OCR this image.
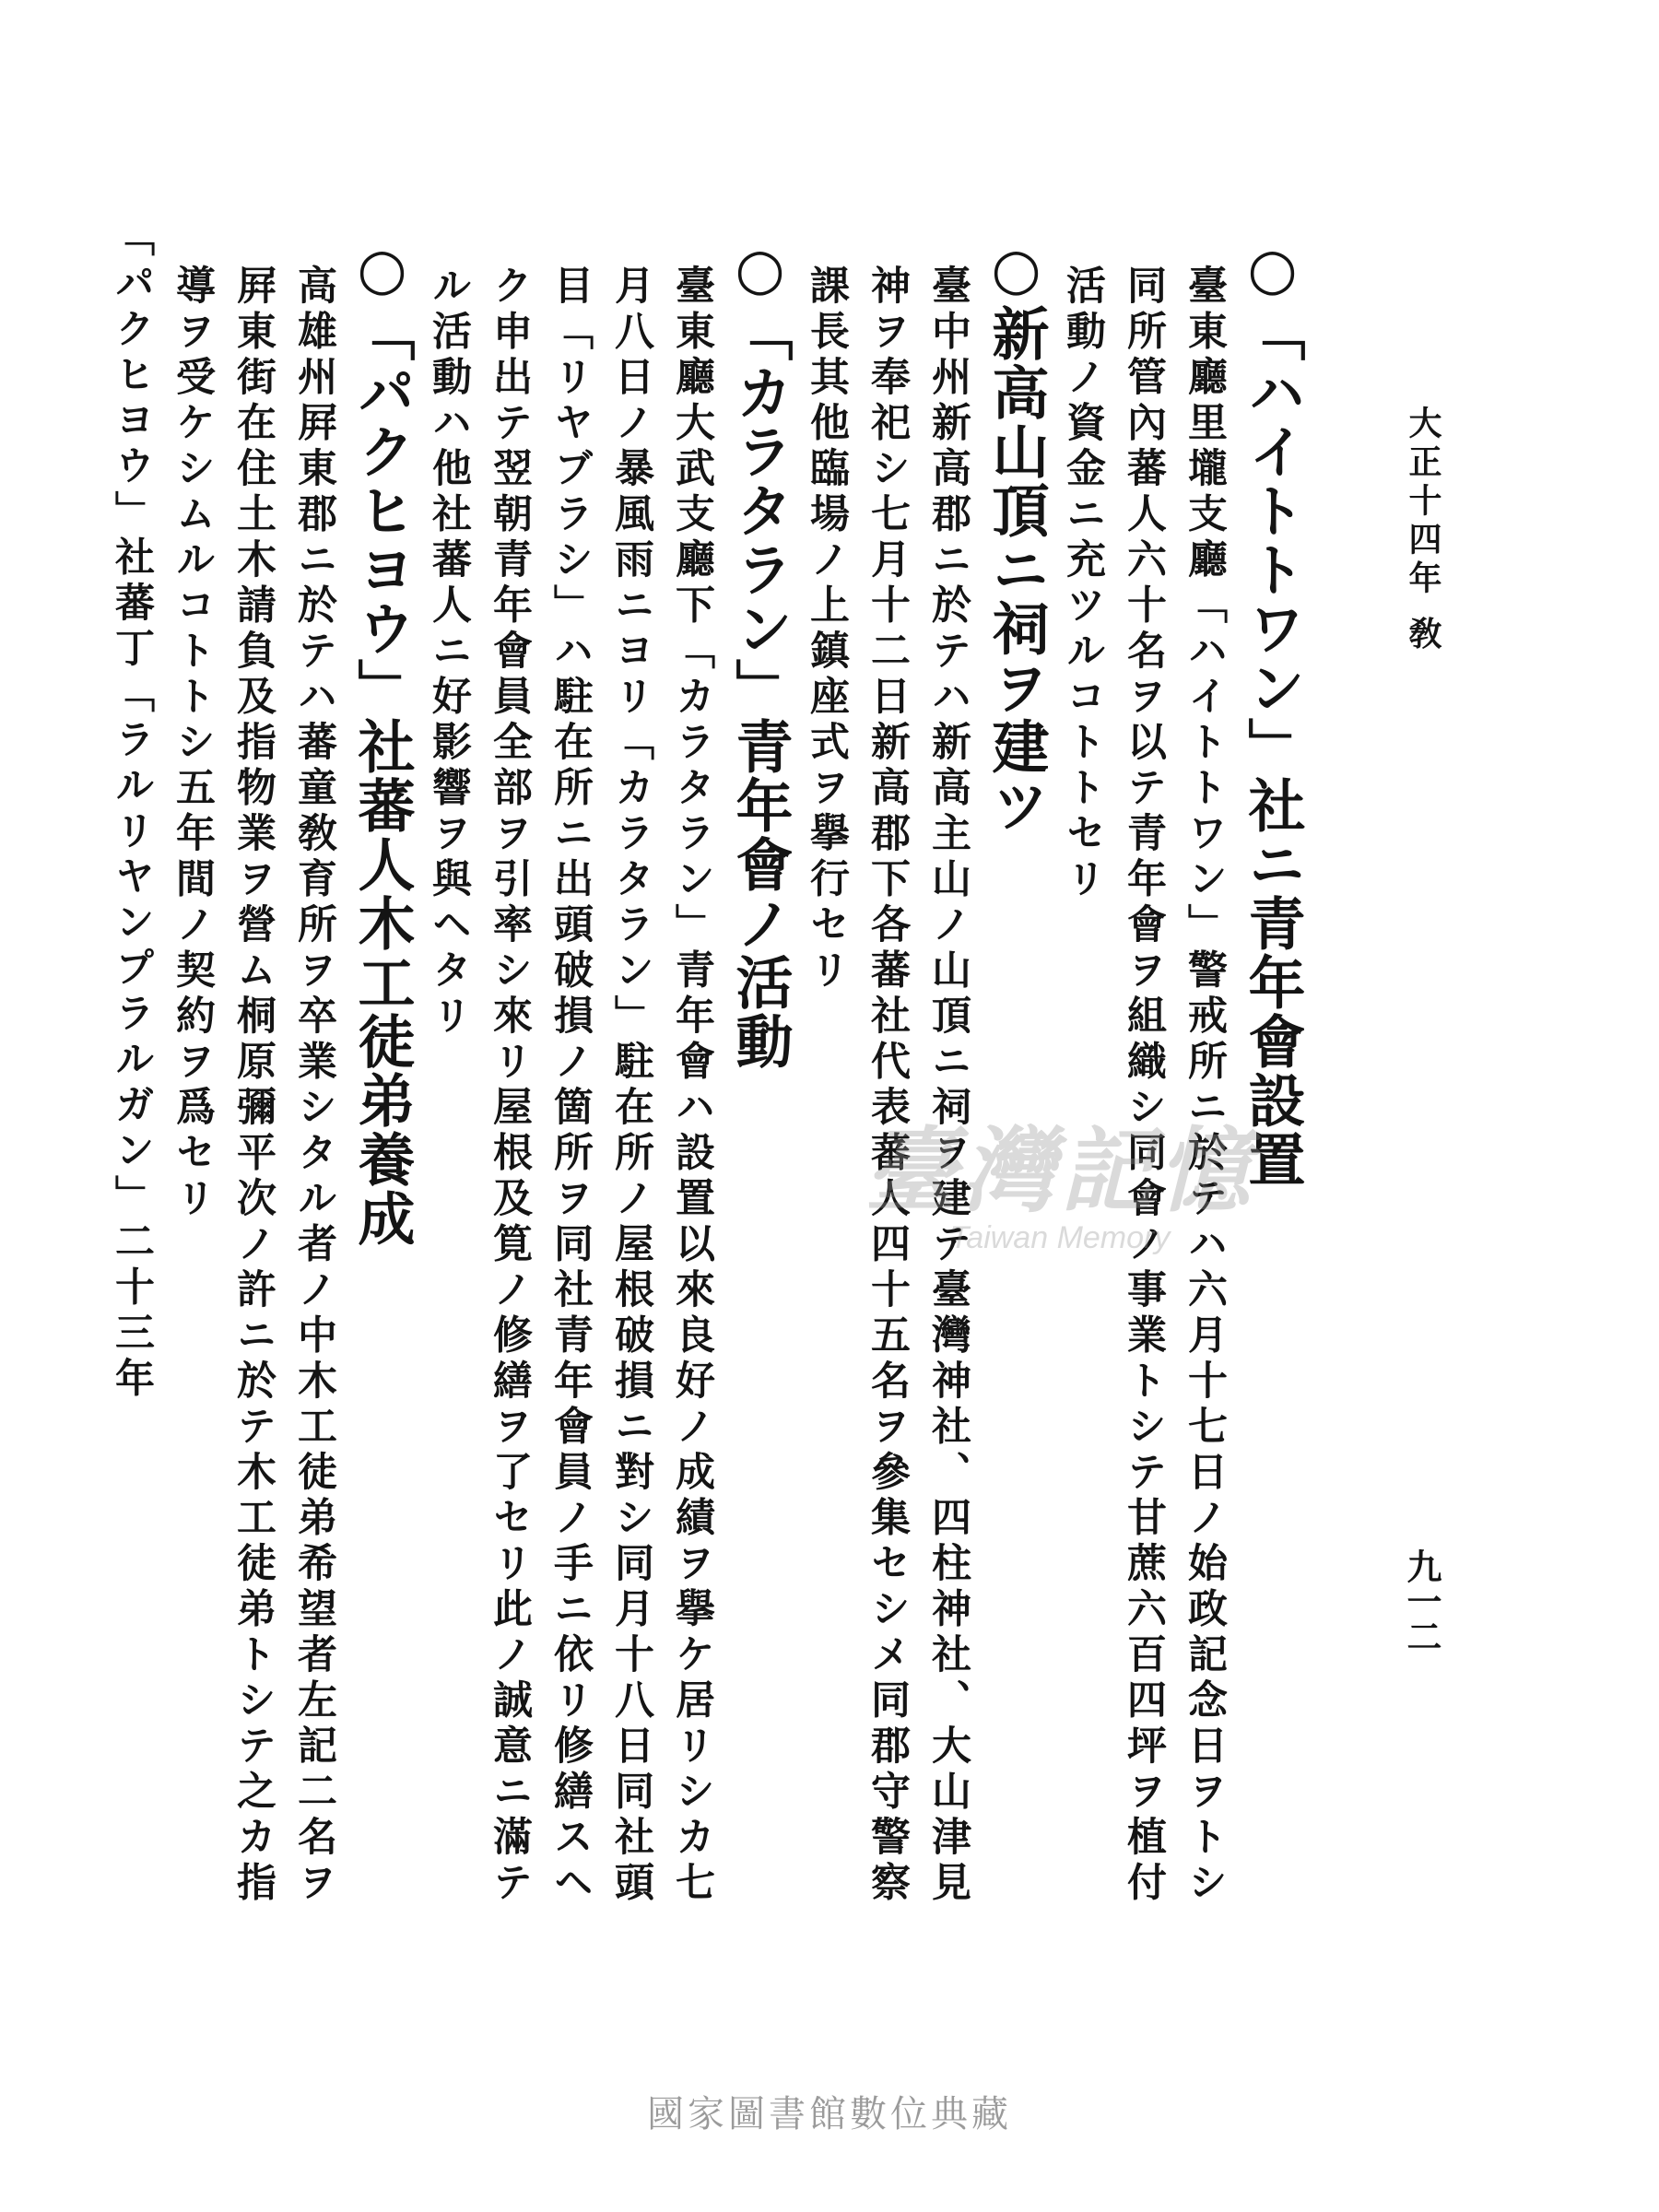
大正十四年 敎
九一二
○「ハイトトワン」社ニ青年會設置

臺東廳里壠支廳「ハイトトワン」警戒所ニ於テハ六月十七日ノ始政記念日ヲトシ同所管內蕃人六十名ヲ以テ青年會ヲ組織シ同會ノ事業トシテ甘蔗六百四坪ヲ植付活動ノ資金ニ充ツルコトトセリ

○新高山頂ニ祠ヲ建ツ

臺中州新高郡ニ於テハ新高主山ノ山頂ニ祠ヲ建テ臺灣神社、四柱神社、大山津見神ヲ奉祀シ七月十二日新高郡下各蕃社代表蕃人四十五名ヲ參集セシメ同郡守警察課長其他臨場ノ上鎮座式ヲ擧行セリ

○「カラタラン」青年會ノ活動

臺東廳大武支廳下「カラタラン」青年會ハ設置以來良好ノ成績ヲ擧ケ居リシカ七月八日ノ暴風雨ニヨリ「カラタラン」駐在所ノ屋根破損ニ對シ同月十八日同社頭目「リヤブラシ」ハ駐在所ニ出頭破損ノ箇所ヲ同社青年會員ノ手ニ依リ修繕スヘク申出テ翌朝青年會員全部ヲ引率シ來リ屋根及筧ノ修繕ヲ了セリ此ノ誠意ニ滿テル活動ハ他社蕃人ニ好影響ヲ與ヘタリ

○「パクヒヨウ」社蕃人木工徒弟養成

高雄州屛東郡ニ於テハ蕃童敎育所ヲ卒業シタル者ノ中木工徒弟希望者左記二名ヲ屛東街在住土木請負及指物業ヲ營ム桐原彌平次ノ許ニ於テ木工徒弟トシテ之カ指導ヲ受ケシムルコトトシ五年間ノ契約ヲ爲セリ

「パクヒヨウ」社蕃丁「ラルリヤンプラルガン」二十三年	臺灣記憶
Taiwan Memory
國家圖書館數位典藏
